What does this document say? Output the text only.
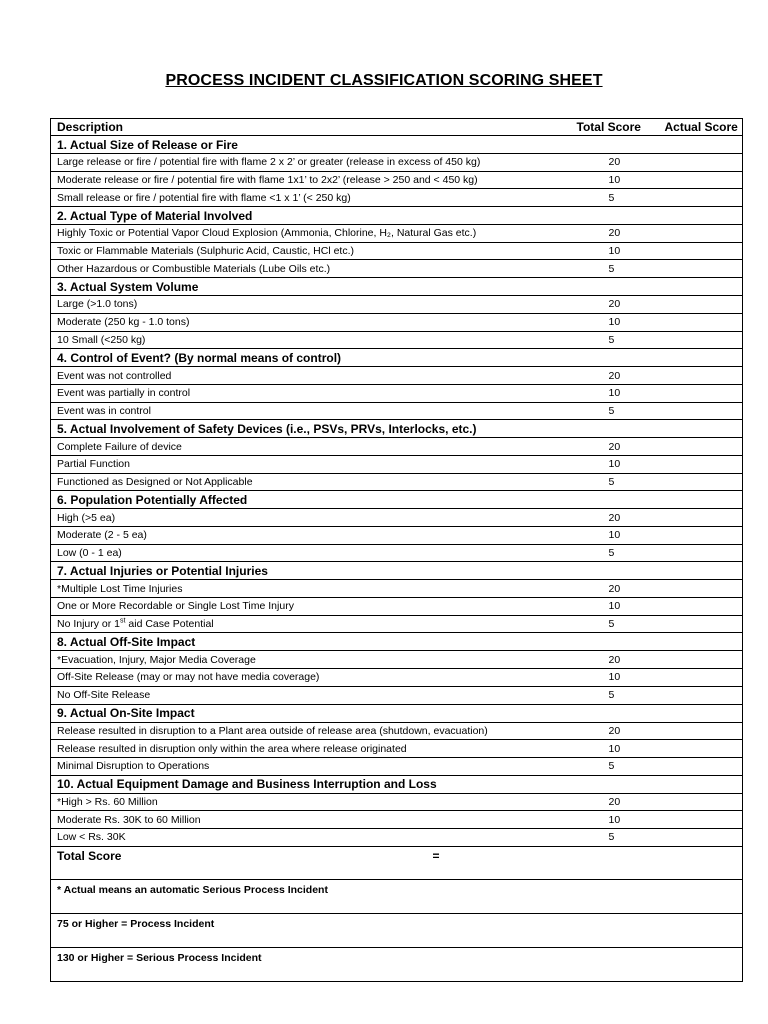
PROCESS INCIDENT CLASSIFICATION SCORING SHEET
Description	Total Score	Actual Score
1. Actual Size of Release or Fire		
Large release or fire / potential fire with flame 2 x 2’ or greater (release in excess of 450 kg)	20	
Moderate release or fire / potential fire with flame 1x1’ to 2x2’ (release > 250 and < 450 kg)	10	
Small release or fire / potential fire with flame <1 x 1’ (< 250 kg)	5	
2. Actual Type of Material Involved		
Highly Toxic or Potential Vapor Cloud Explosion (Ammonia, Chlorine, H₂, Natural Gas etc.)	20	
Toxic or Flammable Materials (Sulphuric Acid, Caustic, HCl etc.)	10	
Other Hazardous or Combustible Materials (Lube Oils etc.)	5	
3. Actual System Volume		
Large (>1.0 tons)	20	
Moderate (250 kg - 1.0 tons)	10	
10 Small (<250 kg)	5	
4. Control of Event? (By normal means of control)		
Event was not controlled	20	
Event was partially in control	10	
Event was in control	5	
5. Actual Involvement of Safety Devices (i.e., PSVs, PRVs, Interlocks, etc.)		
Complete Failure of device	20	
Partial Function	10	
Functioned as Designed or Not Applicable	5	
6. Population Potentially Affected		
High (>5 ea)	20	
Moderate (2 - 5 ea)	10	
Low (0 - 1 ea)	5	
7. Actual Injuries or Potential Injuries		
*Multiple Lost Time Injuries	20	
One or More Recordable or Single Lost Time Injury	10	
No Injury or 1st aid Case Potential	5	
8. Actual Off-Site Impact		
*Evacuation, Injury, Major Media Coverage	20	
Off-Site Release (may or may not have media coverage)	10	
No Off-Site Release	5	
9. Actual On-Site Impact		
Release resulted in disruption to a Plant area outside of release area (shutdown, evacuation)	20	
Release resulted in disruption only within the area where release originated	10	
Minimal Disruption to Operations	5	
10. Actual Equipment Damage and Business Interruption and Loss		
*High > Rs. 60 Million	20	
Moderate Rs. 30K to 60 Million	10	
Low < Rs. 30K	5	
Total Score	=	
* Actual means an automatic Serious Process Incident
75 or Higher = Process Incident
130 or Higher = Serious Process Incident
